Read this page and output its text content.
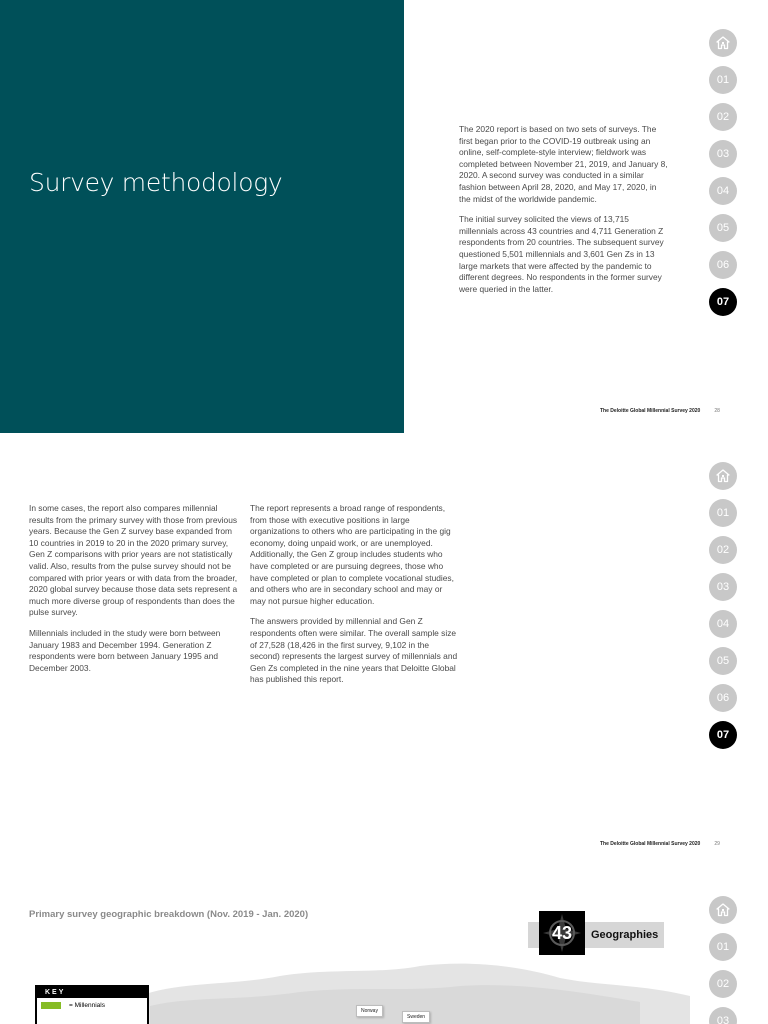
Survey methodology

The 2020 report is based on two sets of surveys. The first began prior to the COVID-19 outbreak using an online, self-complete-style interview; fieldwork was completed between November 21, 2019, and January 8, 2020. A second survey was conducted in a similar fashion between April 28, 2020, and May 17, 2020, in the midst of the worldwide pandemic.

The initial survey solicited the views of 13,715 millennials across 43 countries and 4,711 Generation Z respondents from 20 countries. The subsequent survey questioned 5,501 millennials and 3,601 Gen Zs in 13 large markets that were affected by the pandemic to different degrees. No respondents in the former survey were queried in the latter.

01
02
03
04
05
06
07
The Deloitte Global Millennial Survey 2020	28

In some cases, the report also compares millennial results from the primary survey with those from previous years. Because the Gen Z survey base expanded from 10 countries in 2019 to 20 in the 2020 primary survey, Gen Z comparisons with prior years are not statistically valid. Also, results from the pulse survey should not be compared with prior years or with data from the broader, 2020 global survey because those data sets represent a much more diverse group of respondents than does the pulse survey.

Millennials included in the study were born between January 1983 and December 1994. Generation Z respondents were born between January 1995 and December 2003.

The report represents a broad range of respondents, from those with executive positions in large organizations to others who are participating in the gig economy, doing unpaid work, or are unemployed. Additionally, the Gen Z group includes students who have completed or are pursuing degrees, those who have completed or plan to complete vocational studies, and others who are in secondary school and may or may not pursue higher education.

The answers provided by millennial and Gen Z respondents often were similar. The overall sample size of 27,528 (18,426 in the first survey, 9,102 in the second) represents the largest survey of millennials and Gen Zs completed in the nine years that Deloitte Global has published this report.

01
02
03
04
05
06
07
The Deloitte Global Millennial Survey 2020	29
Primary survey geographic breakdown (Nov. 2019 - Jan. 2020)
43 Geographies
KEY
= Millennials
Norway
Sweden
01
02
03
